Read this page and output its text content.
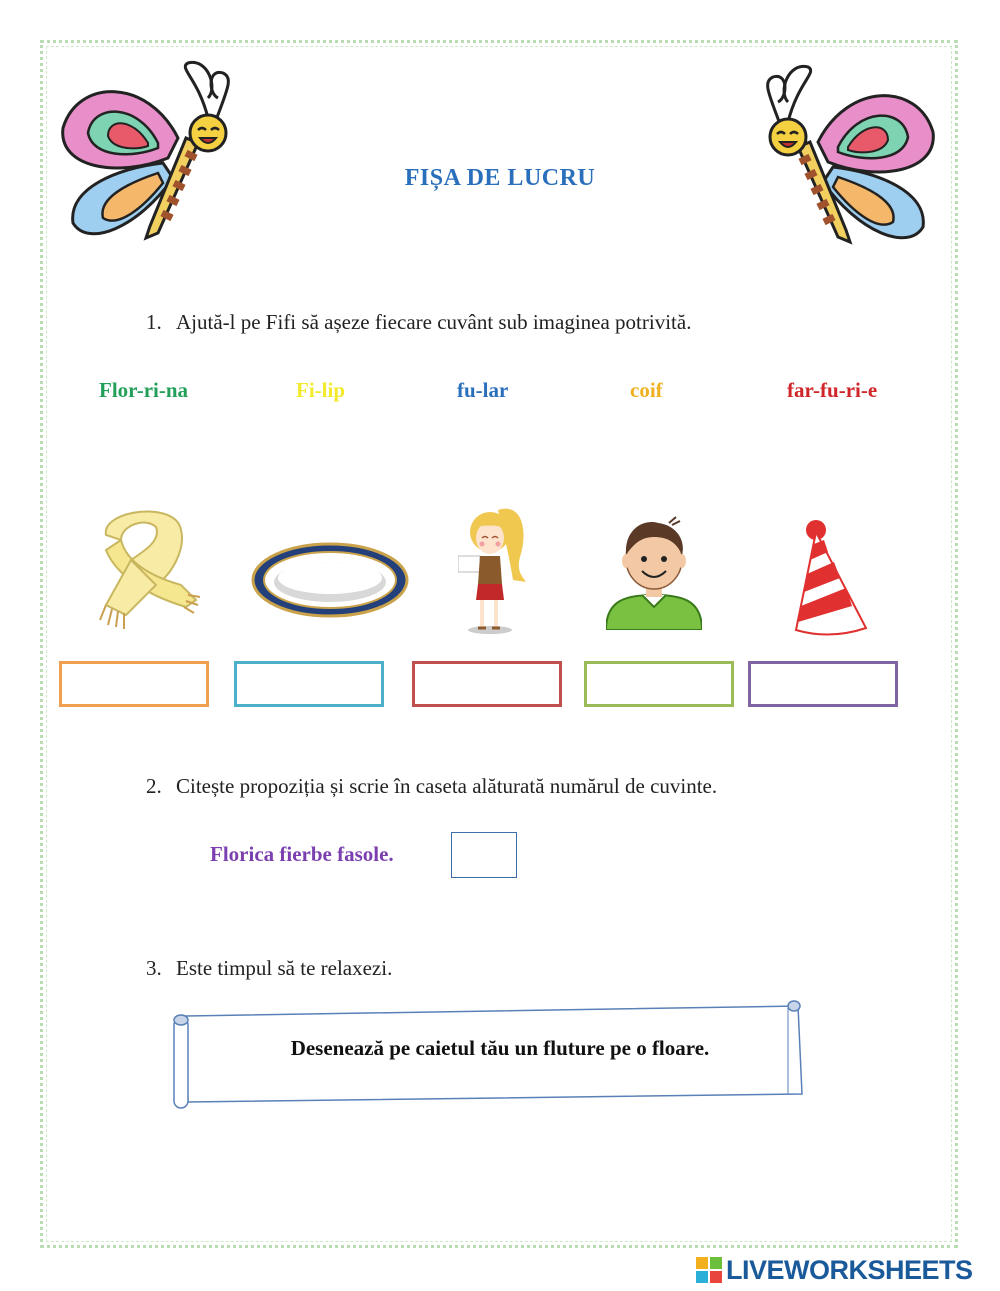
FIȘA DE LUCRU
1. Ajută-l pe Fifi să așeze fiecare cuvânt sub imaginea potrivită.
Flor-ri-na	Fi-lip	fu-lar	coif	far-fu-ri-e
2. Citește propoziția și scrie în caseta alăturată numărul de cuvinte.
Florica fierbe fasole.
3. Este timpul să te relaxezi.
Desenează pe caietul tău un fluture pe o floare.
LIVEWORKSHEETS
